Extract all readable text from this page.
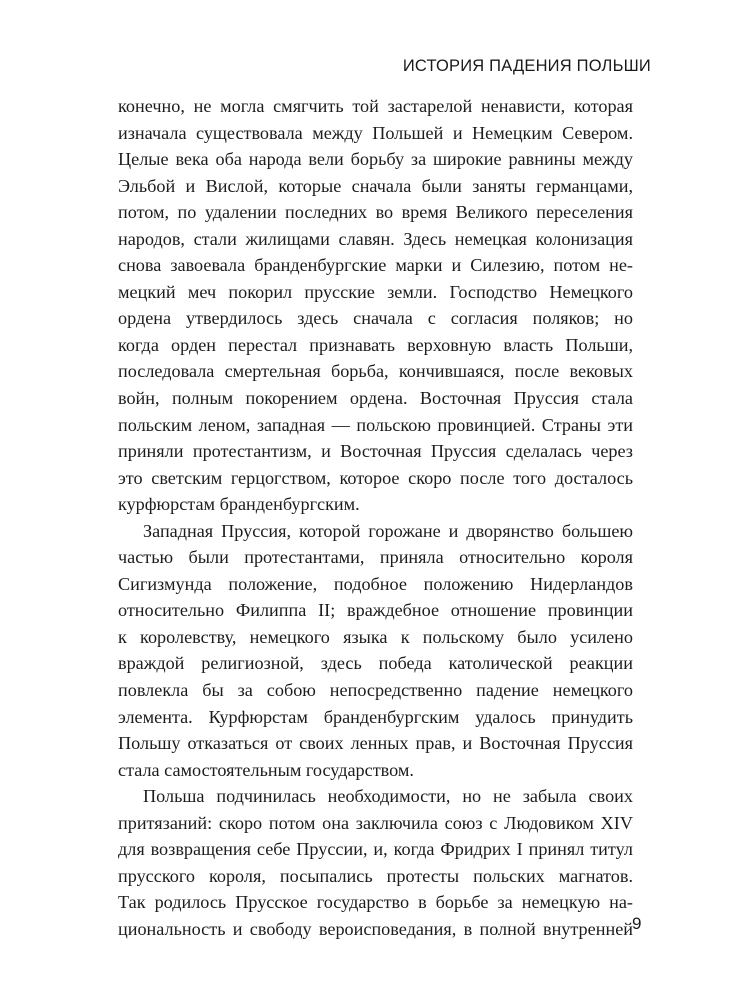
ИСТОРИЯ ПАДЕНИЯ ПОЛЬШИ

конечно, не могла смягчить той застарелой ненависти, которая
изначала существовала между Польшей и Немецким Севером.
Целые века оба народа вели борьбу за широкие равнины между
Эльбой и Вислой, которые сначала были заняты германцами,
потом, по удалении последних во время Великого переселения
народов, стали жилищами славян. Здесь немецкая колонизация
снова завоевала бранденбургские марки и Силезию, потом не-
мецкий меч покорил прусские земли. Господство Немецкого
ордена утвердилось здесь сначала с согласия поляков; но
когда орден перестал признавать верховную власть Польши,
последовала смертельная борьба, кончившаяся, после вековых
войн, полным покорением ордена. Восточная Пруссия стала
польским леном, западная — польскою провинцией. Страны эти
приняли протестантизм, и Восточная Пруссия сделалась через
это светским герцогством, которое скоро после того досталось
курфюрстам бранденбургским.

Западная Пруссия, которой горожане и дворянство большею
частью были протестантами, приняла относительно короля
Сигизмунда положение, подобное положению Нидерландов
относительно Филиппа II; враждебное отношение провинции
к королевству, немецкого языка к польскому было усилено
враждой религиозной, здесь победа католической реакции
повлекла бы за собою непосредственно падение немецкого
элемента. Курфюрстам бранденбургским удалось принудить
Польшу отказаться от своих ленных прав, и Восточная Пруссия
стала самостоятельным государством.

Польша подчинилась необходимости, но не забыла своих
притязаний: скоро потом она заключила союз с Людовиком XIV
для возвращения себе Пруссии, и, когда Фридрих I принял титул
прусского короля, посыпались протесты польских магнатов.
Так родилось Прусское государство в борьбе за немецкую на-
циональность и свободу вероисповедания, в полной внутренней 9
